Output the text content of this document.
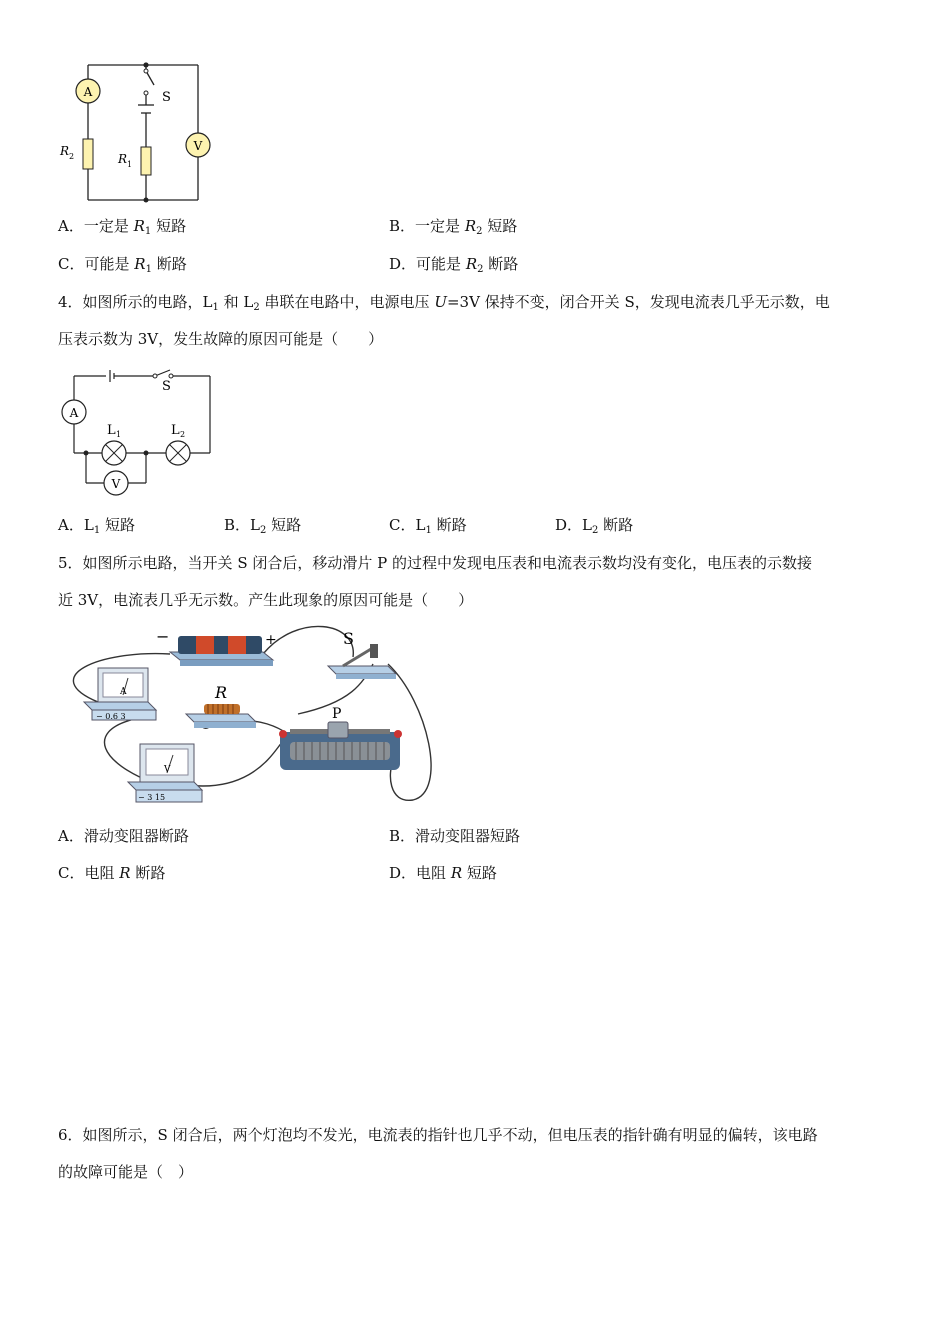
A
V
S
R 2	R 1
A．一定是 $R_1$ 短路	B．一定是 $R_2$ 短路
C．可能是 $R_1$ 断路	D．可能是 $R_2$ 断路
4．如图所示的电路，$L_1$ 和 $L_2$ 串联在电路中，电源电压 U=3V 保持不变，闭合开关 S，发现电流表几乎无示数，电
压表示数为 3V，发生故障的原因可能是（　　）
A
V
S
L 1	L 2
A．$L_1$ 短路	B．$L_2$ 短路	C．$L_1$ 断路	D．$L_2$ 断路
5．如图所示电路，当开关 S 闭合后，移动滑片 P 的过程中发现电压表和电流表示数均没有变化，电压表的示数接
近 3V，电流表几乎无示数。产生此现象的原因可能是（　　）
−	+	S
A
− 0.6 3
R
V
− 3 15
P
A．滑动变阻器断路	B．滑动变阻器短路
C．电阻 R 断路	D．电阻 R 短路
6．如图所示，S 闭合后，两个灯泡均不发光，电流表的指针也几乎不动，但电压表的指针确有明显的偏转，该电路
的故障可能是（　）
